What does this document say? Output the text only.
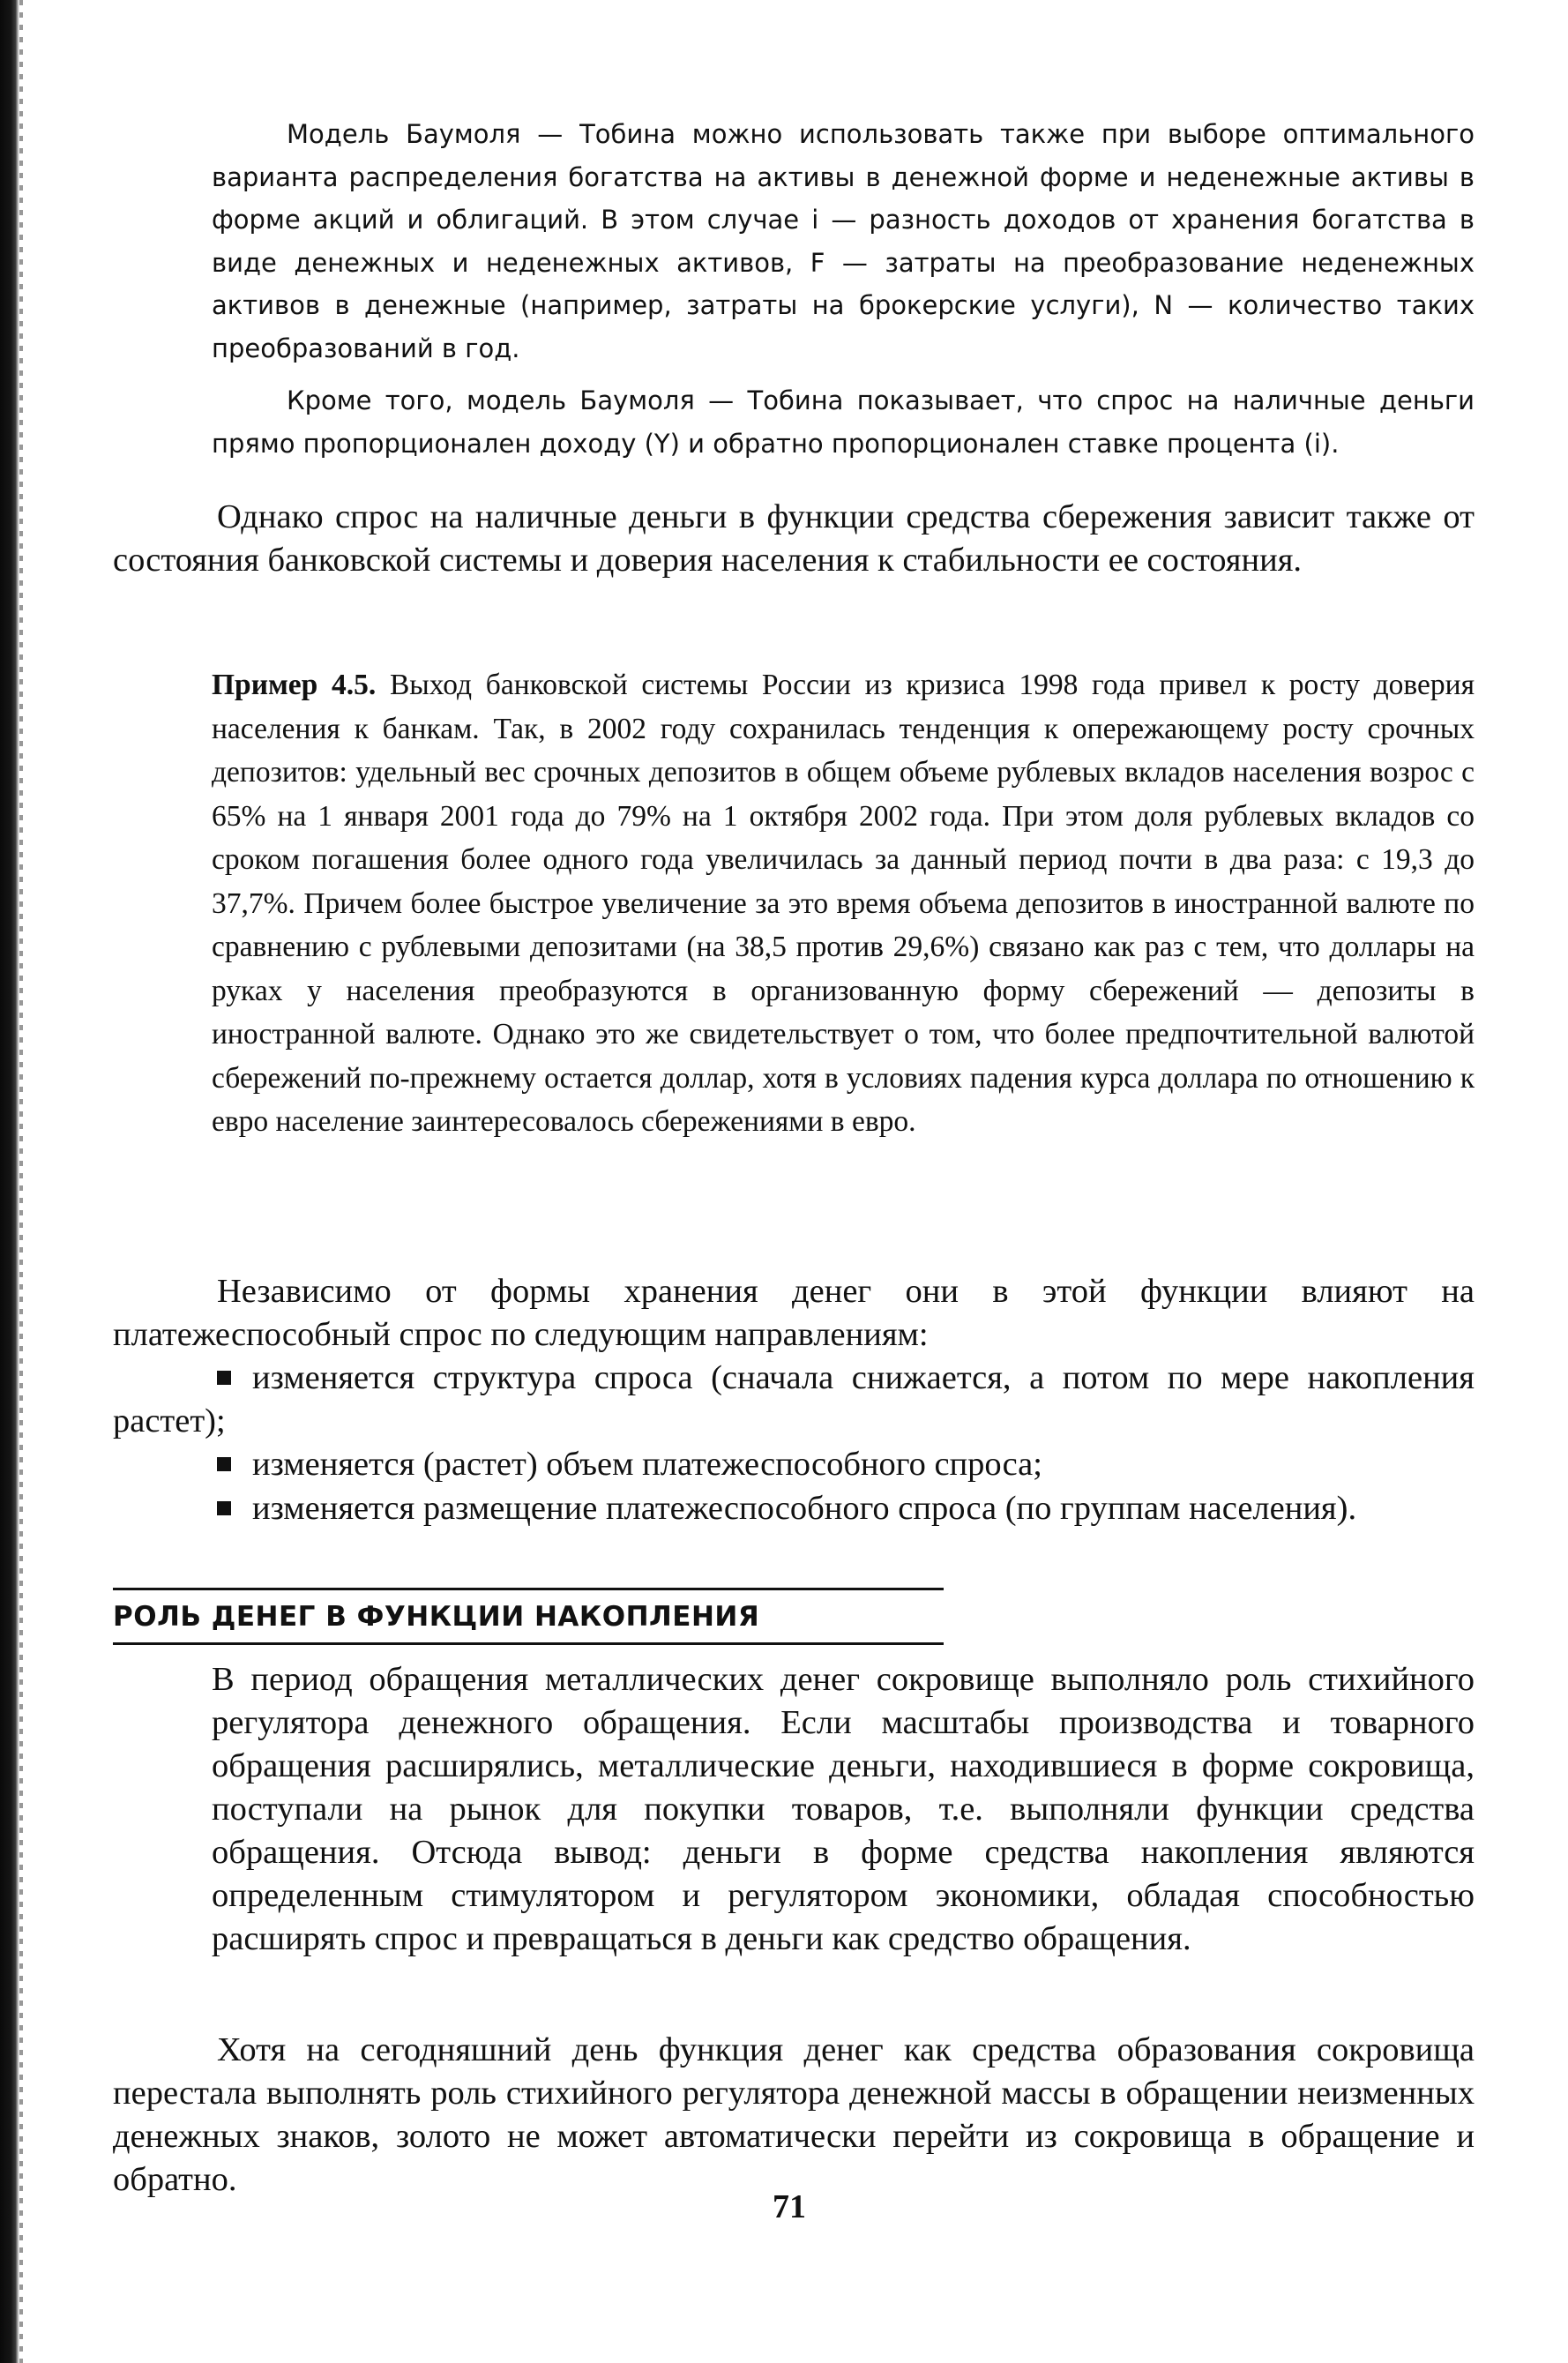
Модель Баумоля — Тобина можно использовать также при выборе оптимального варианта распределения богатства на активы в денежной форме и неденежные активы в форме акций и облигаций. В этом случае i — разность доходов от хранения богатства в виде денежных и неденежных активов, F — затраты на преобразование неденежных активов в денежные (например, затраты на брокерские услуги), N — количество таких преобразований в год.

Кроме того, модель Баумоля — Тобина показывает, что спрос на наличные деньги прямо пропорционален доходу (Y) и обратно пропорционален ставке процента (i).

Однако спрос на наличные деньги в функции средства сбережения зависит также от состояния банковской системы и доверия населения к стабильности ее состояния.

Пример 4.5. Выход банковской системы России из кризиса 1998 года привел к росту доверия населения к банкам. Так, в 2002 году сохранилась тенденция к опережающему росту срочных депозитов: удельный вес срочных депозитов в общем объеме рублевых вкладов населения возрос с 65% на 1 января 2001 года до 79% на 1 октября 2002 года. При этом доля рублевых вкладов со сроком погашения более одного года увеличилась за данный период почти в два раза: с 19,3 до 37,7%. Причем более быстрое увеличение за это время объема депозитов в иностранной валюте по сравнению с рублевыми депозитами (на 38,5 против 29,6%) связано как раз с тем, что доллары на руках у населения преобразуются в организованную форму сбережений — депозиты в иностранной валюте. Однако это же свидетельствует о том, что более предпочтительной валютой сбережений по-прежнему остается доллар, хотя в условиях падения курса доллара по отношению к евро население заинтересовалось сбережениями в евро.

Независимо от формы хранения денег они в этой функции влияют на платежеспособный спрос по следующим направлениям:

изменяется структура спроса (сначала снижается, а потом по мере накопления растет);
изменяется (растет) объем платежеспособного спроса;
изменяется размещение платежеспособного спроса (по группам населения).
РОЛЬ ДЕНЕГ В ФУНКЦИИ НАКОПЛЕНИЯ

В период обращения металлических денег сокровище выполняло роль стихийного регулятора денежного обращения. Если масштабы производства и товарного обращения расширялись, металлические деньги, находившиеся в форме сокровища, поступали на рынок для покупки товаров, т.е. выполняли функции средства обращения. Отсюда вывод: деньги в форме средства накопления являются определенным стимулятором и регулятором экономики, обладая способностью расширять спрос и превращаться в деньги как средство обращения.

Хотя на сегодняшний день функция денег как средства образования сокровища перестала выполнять роль стихийного регулятора денежной массы в обращении неизменных денежных знаков, золото не может автоматически перейти из сокровища в обращение и обратно.

71
